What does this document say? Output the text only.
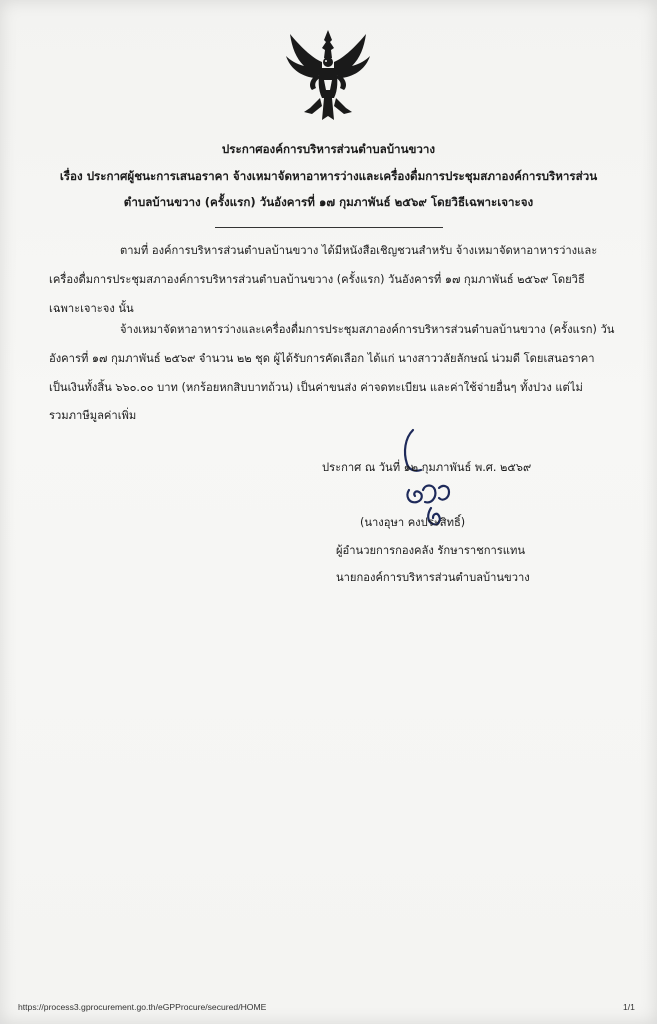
ประกาศองค์การบริหารส่วนตำบลบ้านขวาง
เรื่อง ประกาศผู้ชนะการเสนอราคา จ้างเหมาจัดหาอาหารว่างและเครื่องดื่มการประชุมสภาองค์การบริหารส่วน
ตำบลบ้านขวาง (ครั้งแรก) วันอังคารที่ ๑๗ กุมภาพันธ์ ๒๕๖๙ โดยวิธีเฉพาะเจาะจง
ตามที่ องค์การบริหารส่วนตำบลบ้านขวาง ได้มีหนังสือเชิญชวนสำหรับ จ้างเหมาจัดหาอาหารว่างและ
เครื่องดื่มการประชุมสภาองค์การบริหารส่วนตำบลบ้านขวาง (ครั้งแรก) วันอังคารที่ ๑๗ กุมภาพันธ์ ๒๕๖๙ โดยวิธี
เฉพาะเจาะจง นั้น
จ้างเหมาจัดหาอาหารว่างและเครื่องดื่มการประชุมสภาองค์การบริหารส่วนตำบลบ้านขวาง (ครั้งแรก) วัน
อังคารที่ ๑๗ กุมภาพันธ์ ๒๕๖๙ จำนวน ๒๒ ชุด ผู้ได้รับการคัดเลือก ได้แก่ นางสาววลัยลักษณ์ น่วมดี โดยเสนอราคา
เป็นเงินทั้งสิ้น ๖๖๐.๐๐ บาท (หกร้อยหกสิบบาทถ้วน) เป็นค่าขนส่ง ค่าจดทะเบียน และค่าใช้จ่ายอื่นๆ ทั้งปวง แต่ไม่
รวมภาษีมูลค่าเพิ่ม
ประกาศ ณ วันที่ ๑๒ กุมภาพันธ์ พ.ศ. ๒๕๖๙
(นางอุษา คงประสิทธิ์)
ผู้อำนวยการกองคลัง รักษาราชการแทน
นายกองค์การบริหารส่วนตำบลบ้านขวาง
https://process3.gprocurement.go.th/eGPProcure/secured/HOME	1/1
